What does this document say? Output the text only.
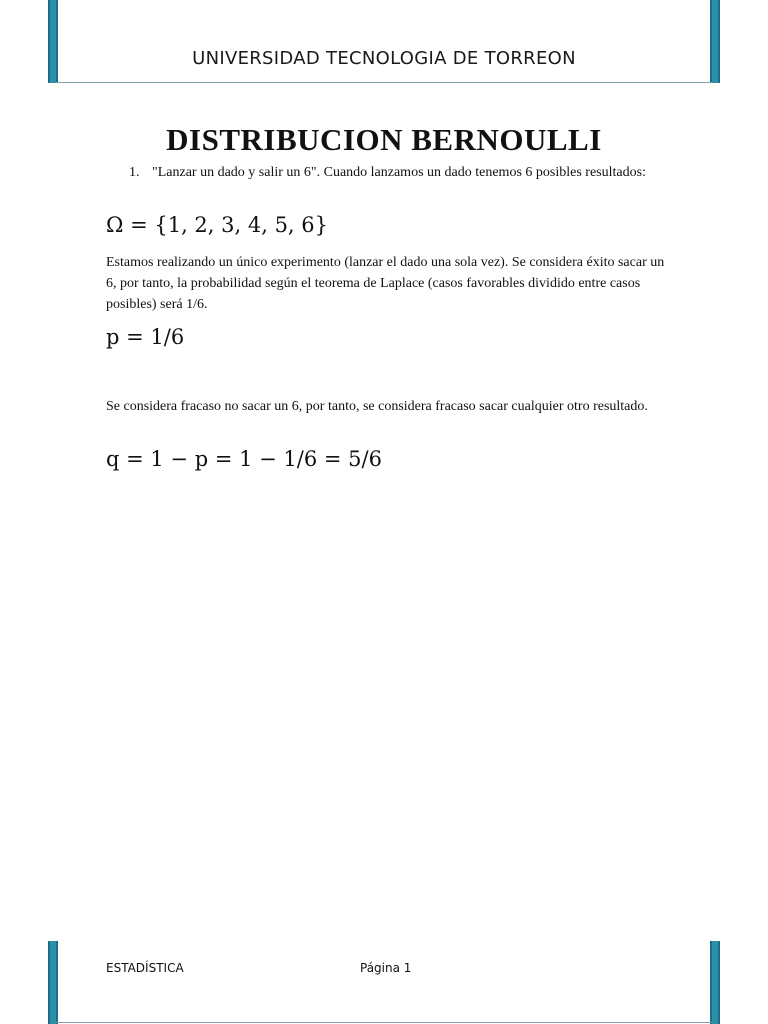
UNIVERSIDAD TECNOLOGIA DE TORREON
DISTRIBUCION BERNOULLI
1. "Lanzar un dado y salir un 6". Cuando lanzamos un dado tenemos 6 posibles resultados:
Ω = {1, 2, 3, 4, 5, 6}
Estamos realizando un único experimento (lanzar el dado una sola vez). Se considera éxito sacar un 6, por tanto, la probabilidad según el teorema de Laplace (casos favorables dividido entre casos posibles) será 1/6.
p = 1/6
Se considera fracaso no sacar un 6, por tanto, se considera fracaso sacar cualquier otro resultado.
q = 1 − p = 1 − 1/6 = 5/6
ESTADÍSTICA	Página 1
